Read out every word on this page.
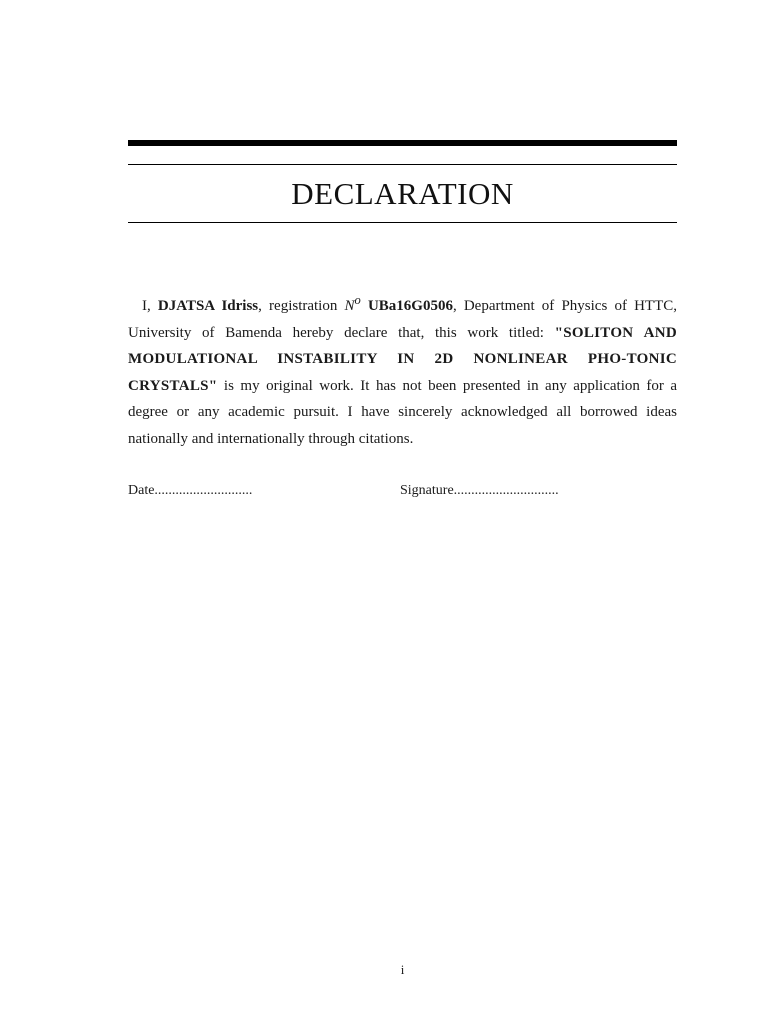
DECLARATION
I, DJATSA Idriss, registration $N^o$ UBa16G0506, Department of Physics of HTTC, University of Bamenda hereby declare that, this work titled: "SOLITON AND MODULATIONAL INSTABILITY IN 2D NONLINEAR PHO-TONIC CRYSTALS" is my original work. It has not been presented in any application for a degree or any academic pursuit. I have sincerely acknowledged all borrowed ideas nationally and internationally through citations.
Date............................	Signature..............................
i
